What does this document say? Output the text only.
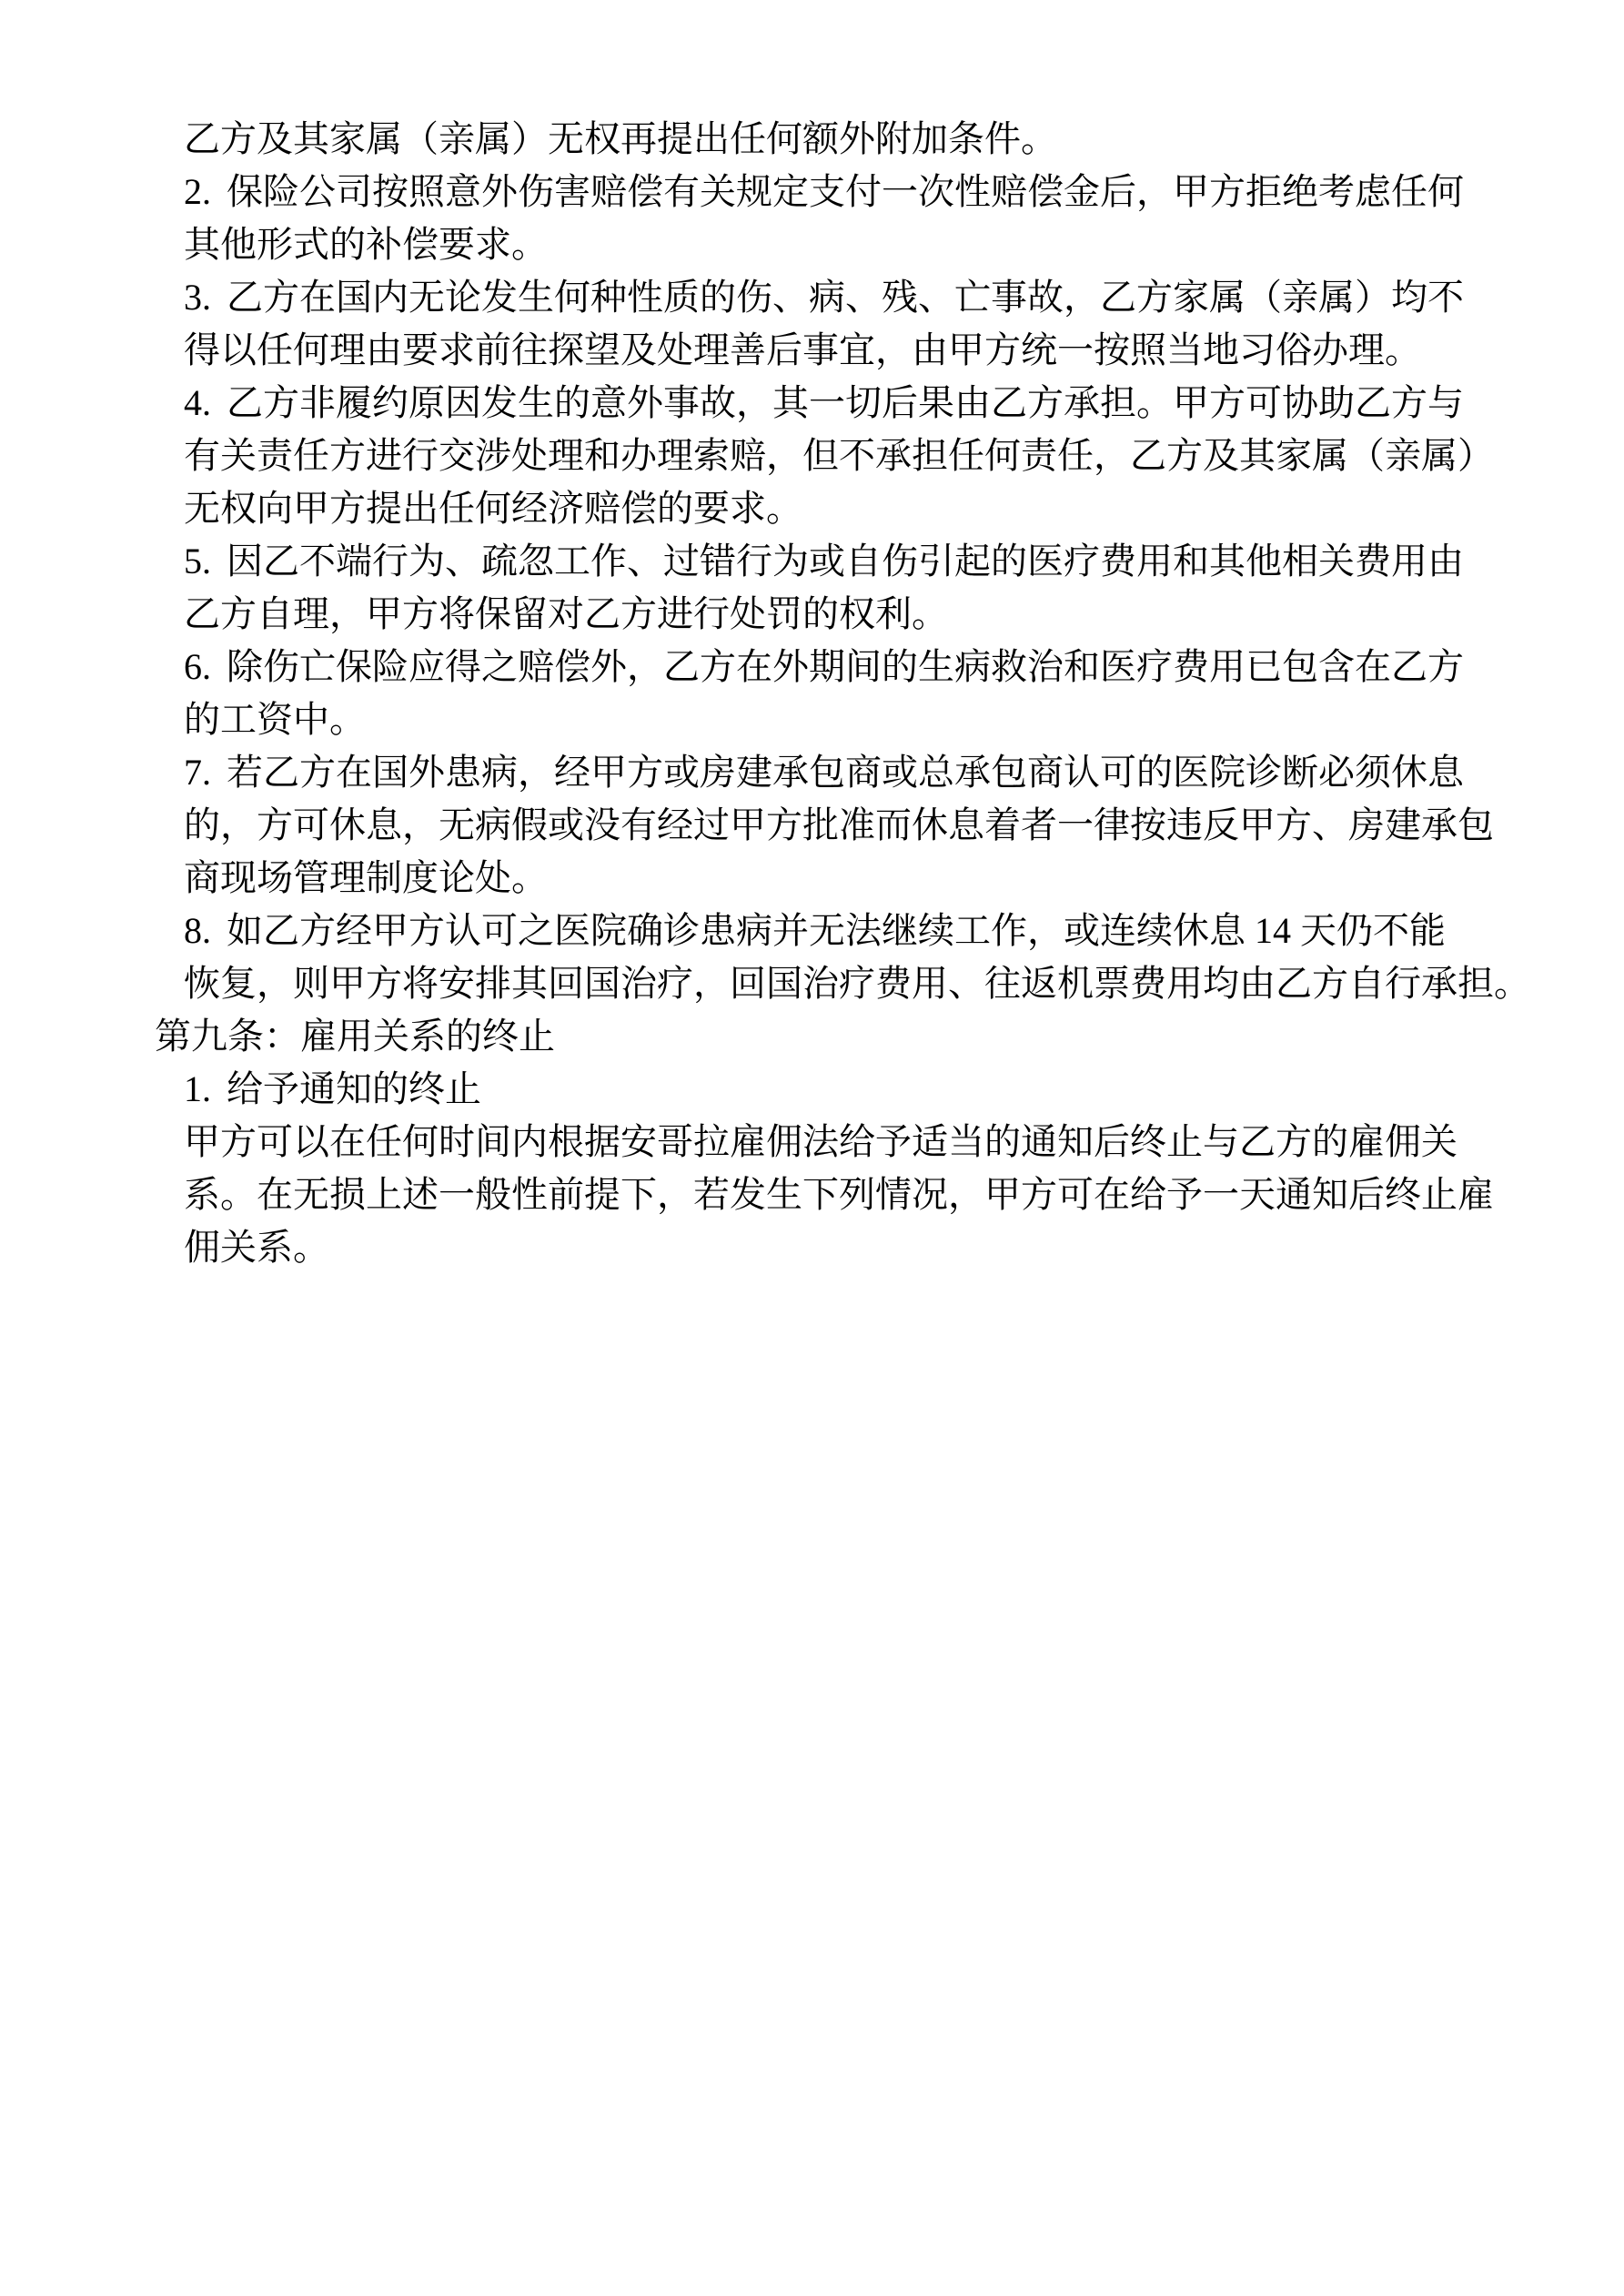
乙方及其家属（亲属）无权再提出任何额外附加条件。
2. 保险公司按照意外伤害赔偿有关规定支付一次性赔偿金后，甲方拒绝考虑任何
其他形式的补偿要求。
3. 乙方在国内无论发生何种性质的伤、病、残、亡事故，乙方家属（亲属）均不
得以任何理由要求前往探望及处理善后事宜，由甲方统一按照当地习俗办理。
4. 乙方非履约原因发生的意外事故，其一切后果由乙方承担。甲方可协助乙方与
有关责任方进行交涉处理和办理索赔，但不承担任何责任，乙方及其家属（亲属）
无权向甲方提出任何经济赔偿的要求。
5. 因乙不端行为、疏忽工作、过错行为或自伤引起的医疗费用和其他相关费用由
乙方自理，甲方将保留对乙方进行处罚的权利。
6. 除伤亡保险应得之赔偿外，乙方在外期间的生病救治和医疗费用已包含在乙方
的工资中。
7. 若乙方在国外患病，经甲方或房建承包商或总承包商认可的医院诊断必须休息
的，方可休息，无病假或没有经过甲方批准而休息着者一律按违反甲方、房建承包
商现场管理制度论处。
8. 如乙方经甲方认可之医院确诊患病并无法继续工作，或连续休息 14 天仍不能
恢复，则甲方将安排其回国治疗，回国治疗费用、往返机票费用均由乙方自行承担。
第九条：雇用关系的终止
1. 给予通知的终止
甲方可以在任何时间内根据安哥拉雇佣法给予适当的通知后终止与乙方的雇佣关
系。在无损上述一般性前提下，若发生下列情况，甲方可在给予一天通知后终止雇
佣关系。
